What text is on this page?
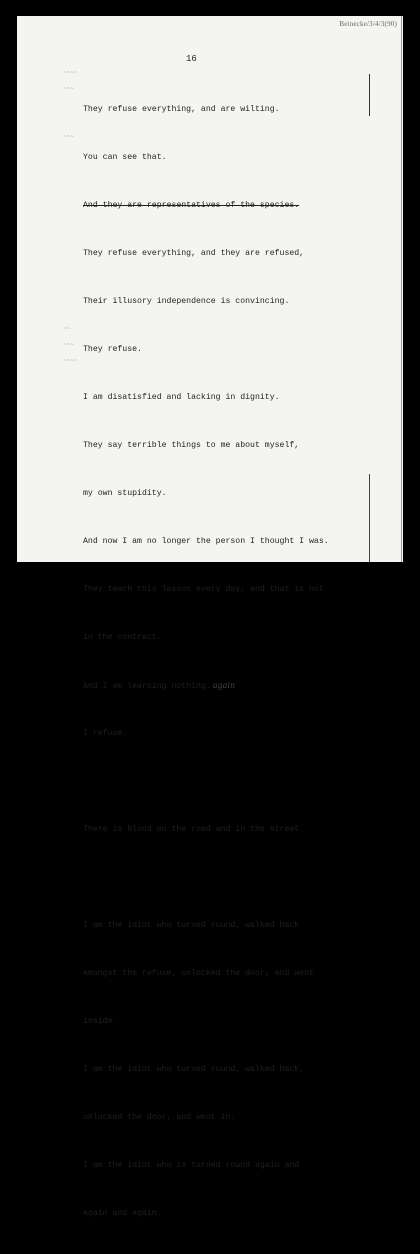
Beinecke/3/4/3(90)
16
~~~~
~~~
~~~
~~
~~~
~~~~

They refuse everything, and are wilting.

You can see that.

And they are representatives of the species.

They refuse everything, and they are refused,

Their illusory independence is convincing.

They refuse.

I am disatisfied and lacking in dignity.

They say terrible things to me about myself,

my own stupidity.

And now I am no longer the person I thought I was.

They teach this lesson every day, and that is not

in the contract.

And I am learning nothing. again

I refuse.

There is blood on the road and in the street

I am the idiot who turned round, walked back

amongst the refuse, unlocked the door, and went

inside.

I am the idiot who turned round, walked back,

unlocked the door, and went in.

I am the idiot who is turned round again and

again and again.
